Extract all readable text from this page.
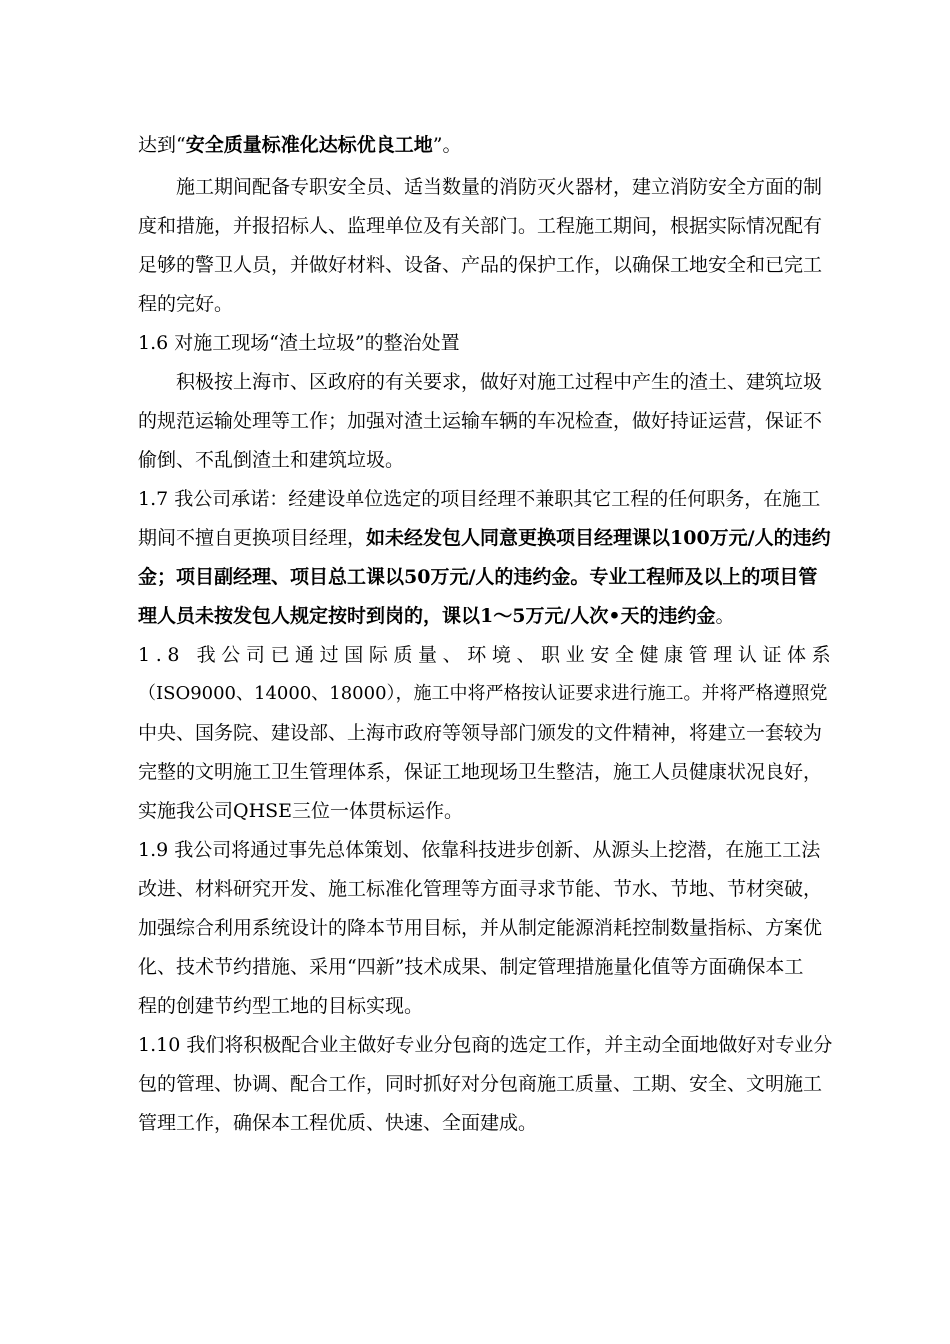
达到“安全质量标准化达标优良工地”。
施工期间配备专职安全员、适当数量的消防灭火器材，建立消防安全方面的制
度和措施，并报招标人、监理单位及有关部门。工程施工期间，根据实际情况配有
足够的警卫人员，并做好材料、设备、产品的保护工作，以确保工地安全和已完工
程的完好。
1.6 对施工现场“渣土垃圾”的整治处置
积极按上海市、区政府的有关要求，做好对施工过程中产生的渣土、建筑垃圾
的规范运输处理等工作；加强对渣土运输车辆的车况检查，做好持证运营，保证不
偷倒、不乱倒渣土和建筑垃圾。
1.7 我公司承诺：经建设单位选定的项目经理不兼职其它工程的任何职务，在施工
期间不擅自更换项目经理，如未经发包人同意更换项目经理课以100万元/人的违约
金；项目副经理、项目总工课以50万元/人的违约金。专业工程师及以上的项目管
理人员未按发包人规定按时到岗的，课以1～5万元/人次•天的违约金。
1.8 我公司已通过国际质量、环境、职业安全健康管理认证体系
（ISO9000、14000、18000），施工中将严格按认证要求进行施工。并将严格遵照党
中央、国务院、建设部、上海市政府等领导部门颁发的文件精神，将建立一套较为
完整的文明施工卫生管理体系，保证工地现场卫生整洁，施工人员健康状况良好，
实施我公司QHSE三位一体贯标运作。
1.9 我公司将通过事先总体策划、依靠科技进步创新、从源头上挖潜，在施工工法
改进、材料研究开发、施工标准化管理等方面寻求节能、节水、节地、节材突破，
加强综合利用系统设计的降本节用目标，并从制定能源消耗控制数量指标、方案优
化、技术节约措施、采用“四新”技术成果、制定管理措施量化值等方面确保本工
程的创建节约型工地的目标实现。
1.10 我们将积极配合业主做好专业分包商的选定工作，并主动全面地做好对专业分
包的管理、协调、配合工作，同时抓好对分包商施工质量、工期、安全、文明施工
管理工作，确保本工程优质、快速、全面建成。
